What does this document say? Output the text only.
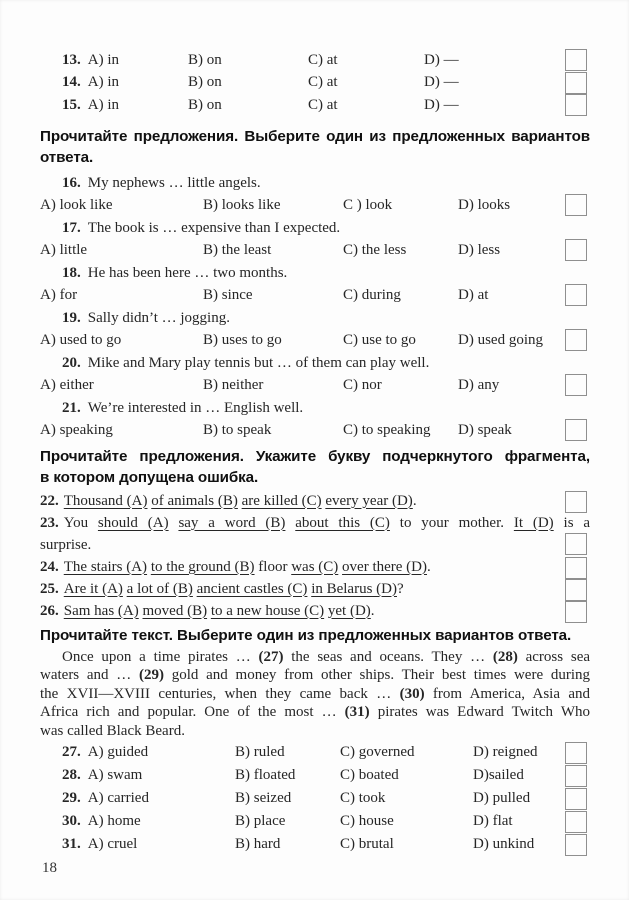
13. A) in	B) on	C) at	D) —
14. A) in	B) on	C) at	D) —
15. A) in	B) on	C) at	D) —
Прочитайте предложения. Выберите один из предложенных вариантов
ответа.
16. My nephews … little angels.
A) look like	B) looks like	C ) look	D) looks
17. The book is … expensive than I expected.
A) little	B) the least	C) the less	D) less
18. He has been here … two months.
A) for	B) since	C) during	D) at
19. Sally didn’t … jogging.
A) used to go	B) uses to go	C) use to go	D) used going
20. Mike and Mary play tennis but … of them can play well.
A) either	B) neither	C) nor	D) any
21. We’re interested in … English well.
A) speaking	B) to speak	C) to speaking	D) speak
Прочитайте предложения. Укажите букву подчеркнутого фрагмента,
в котором допущена ошибка.
22. Thousand (A) of animals (B) are killed (C) every year (D).
23. You should (A) say a word (B) about this (C) to your mother. It (D) is a
surprise.
24. The stairs (A) to the ground (B) floor was (C) over there (D).
25. Are it (A) a lot of (B) ancient castles (C) in Belarus (D)?
26. Sam has (A) moved (B) to a new house (C) yet (D).
Прочитайте текст. Выберите один из предложенных вариантов ответа.
Once upon a time pirates … (27) the seas and oceans. They … (28) across sea
waters and … (29) gold and money from other ships. Their best times were during
the XVII—XVIII centuries, when they came back … (30) from America, Asia and
Africa rich and popular. One of the most … (31) pirates was Edward Twitch Who
was called Black Beard.
27. A) guided	B) ruled	C) governed	D) reigned
28. A) swam	B) floated	C) boated	D)sailed
29. A) carried	B) seized	C) took	D) pulled
30. A) home	B) place	C) house	D) flat
31. A) cruel	B) hard	C) brutal	D) unkind
18
